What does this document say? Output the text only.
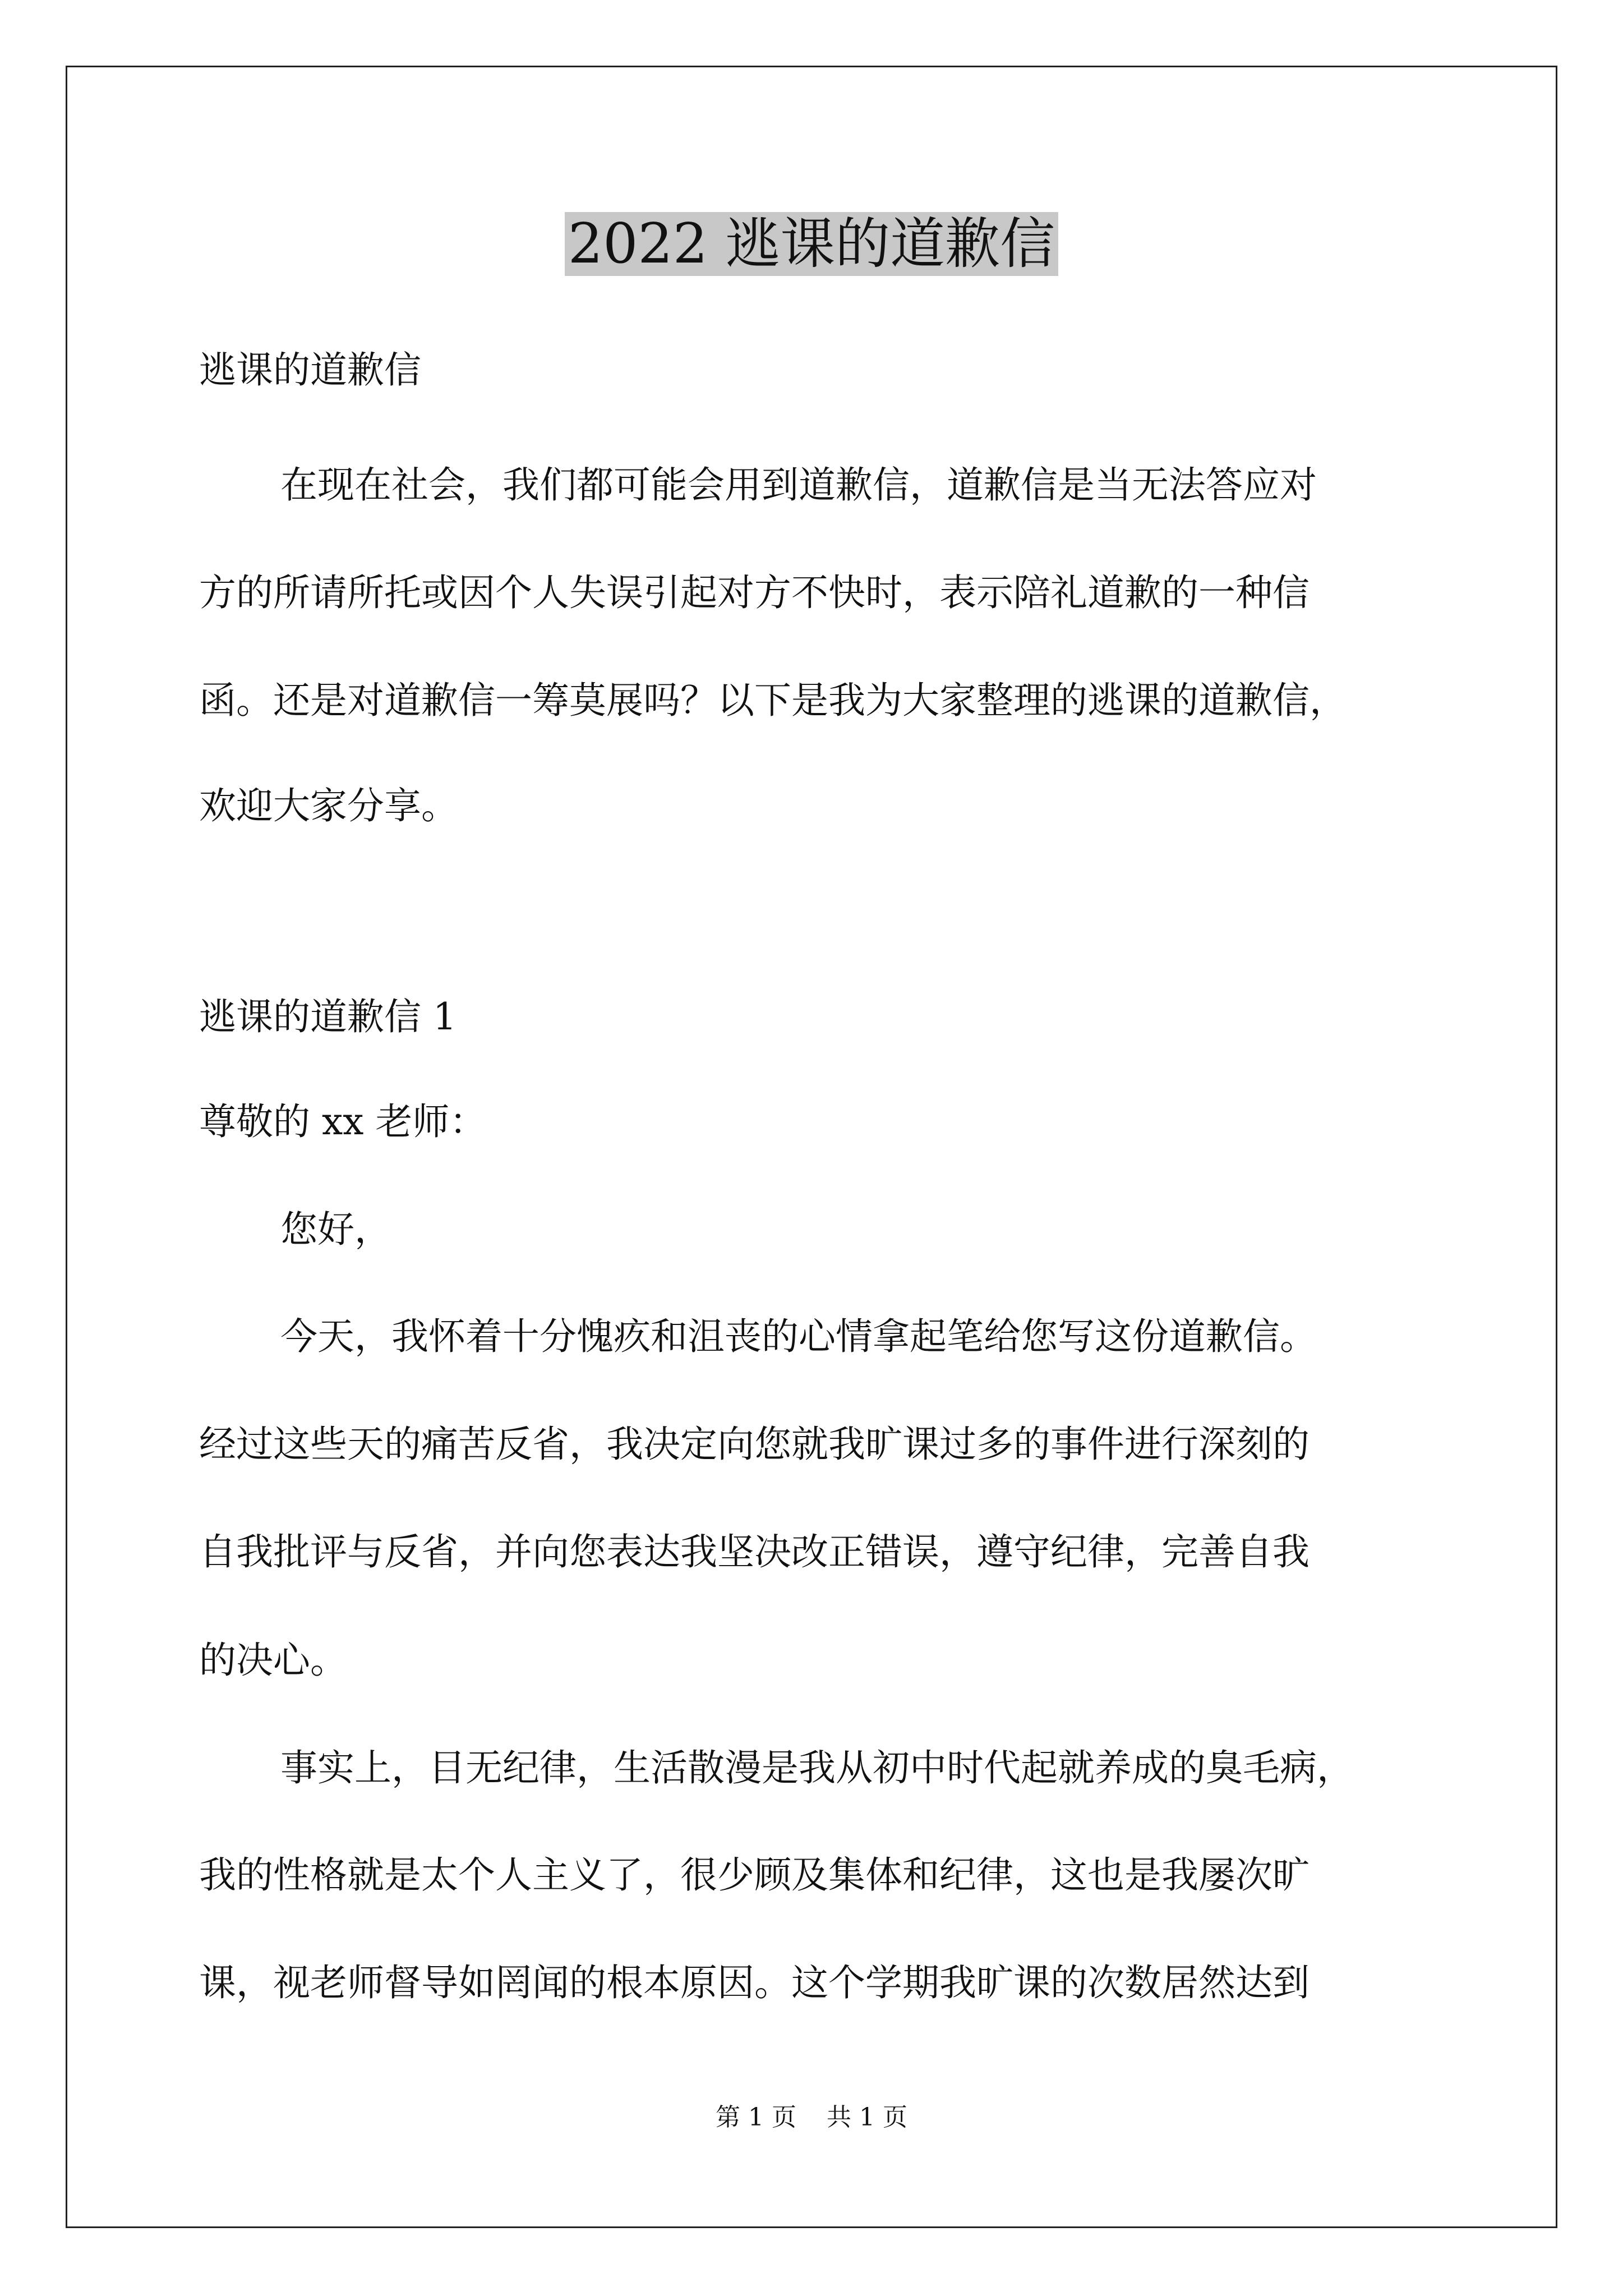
2022 逃课的道歉信
逃课的道歉信
在现在社会，我们都可能会用到道歉信，道歉信是当无法答应对
方的所请所托或因个人失误引起对方不快时，表示陪礼道歉的一种信
函。还是对道歉信一筹莫展吗？以下是我为大家整理的逃课的道歉信，
欢迎大家分享。
逃课的道歉信 1
尊敬的 xx 老师：
您好，
今天，我怀着十分愧疚和沮丧的心情拿起笔给您写这份道歉信。
经过这些天的痛苦反省，我决定向您就我旷课过多的事件进行深刻的
自我批评与反省，并向您表达我坚决改正错误，遵守纪律，完善自我
的决心。
事实上，目无纪律，生活散漫是我从初中时代起就养成的臭毛病，
我的性格就是太个人主义了，很少顾及集体和纪律，这也是我屡次旷
课，视老师督导如罔闻的根本原因。这个学期我旷课的次数居然达到
第 1 页 共 1 页
